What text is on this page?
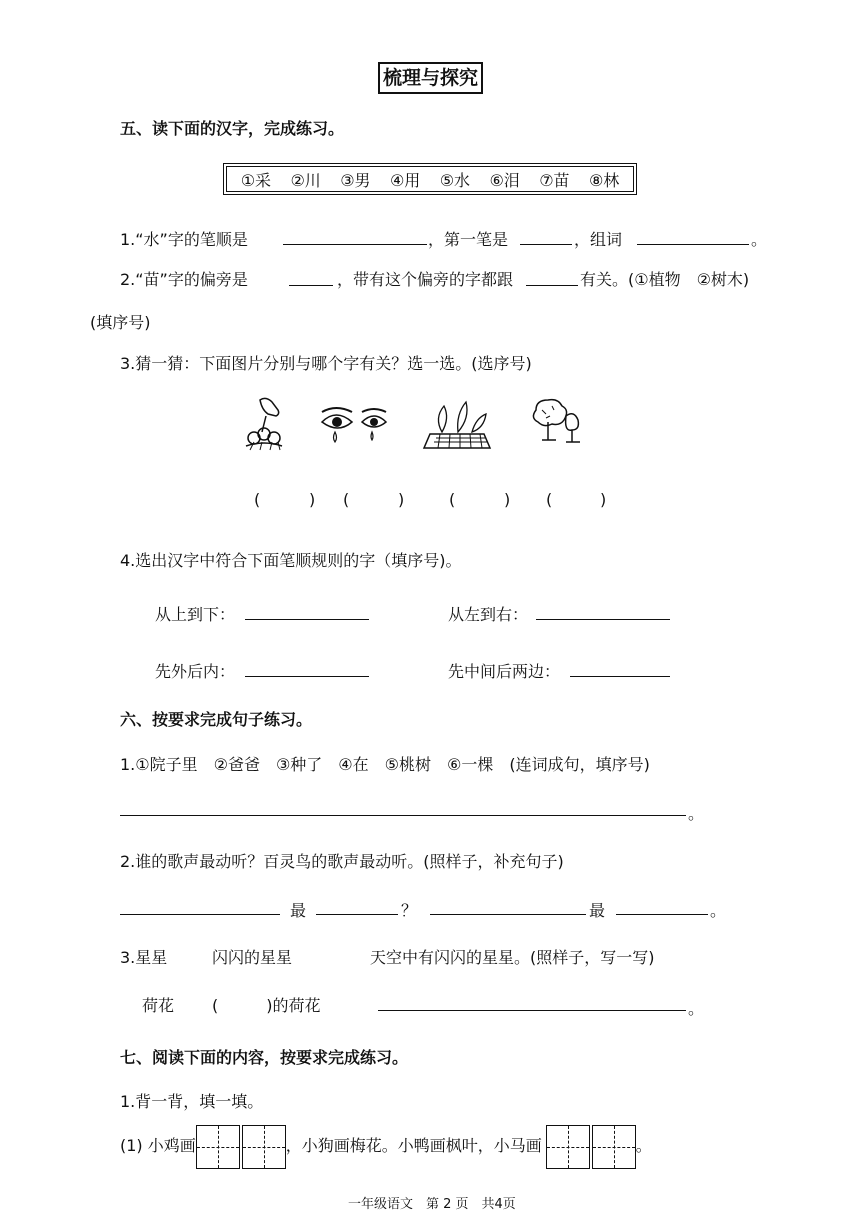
梳理与探究
五、读下面的汉字，完成练习。
①采 ②川 ③男 ④用 ⑤水 ⑥泪 ⑦苗 ⑧林
1.“水”字的笔顺是	，第一笔是	，组词	。
2.“苗”字的偏旁是	，带有这个偏旁的字都跟	有关。(①植物　②树木)
(填序号)
3.猜一猜：下面图片分别与哪个字有关？选一选。(选序号)
(	) (	)	(	) (	)
4.选出汉字中符合下面笔顺规则的字（填序号)。
从上到下：	从左到右：
先外后内：	先中间后两边：
六、按要求完成句子练习。
1.①院子里　②爸爸　③种了　④在　⑤桃树　⑥一棵　(连词成句，填序号)
。
2.谁的歌声最动听？百灵鸟的歌声最动听。(照样子，补充句子)
最	？	最	。
3.星星	闪闪的星星	天空中有闪闪的星星。(照样子，写一写)
荷花 (　　　)的荷花	。
七、阅读下面的内容，按要求完成练习。
1.背一背，填一填。
(1) 小鸡画	，小狗画梅花。小鸭画枫叶，小马画	。
一年级语文　第 2 页　共4页
